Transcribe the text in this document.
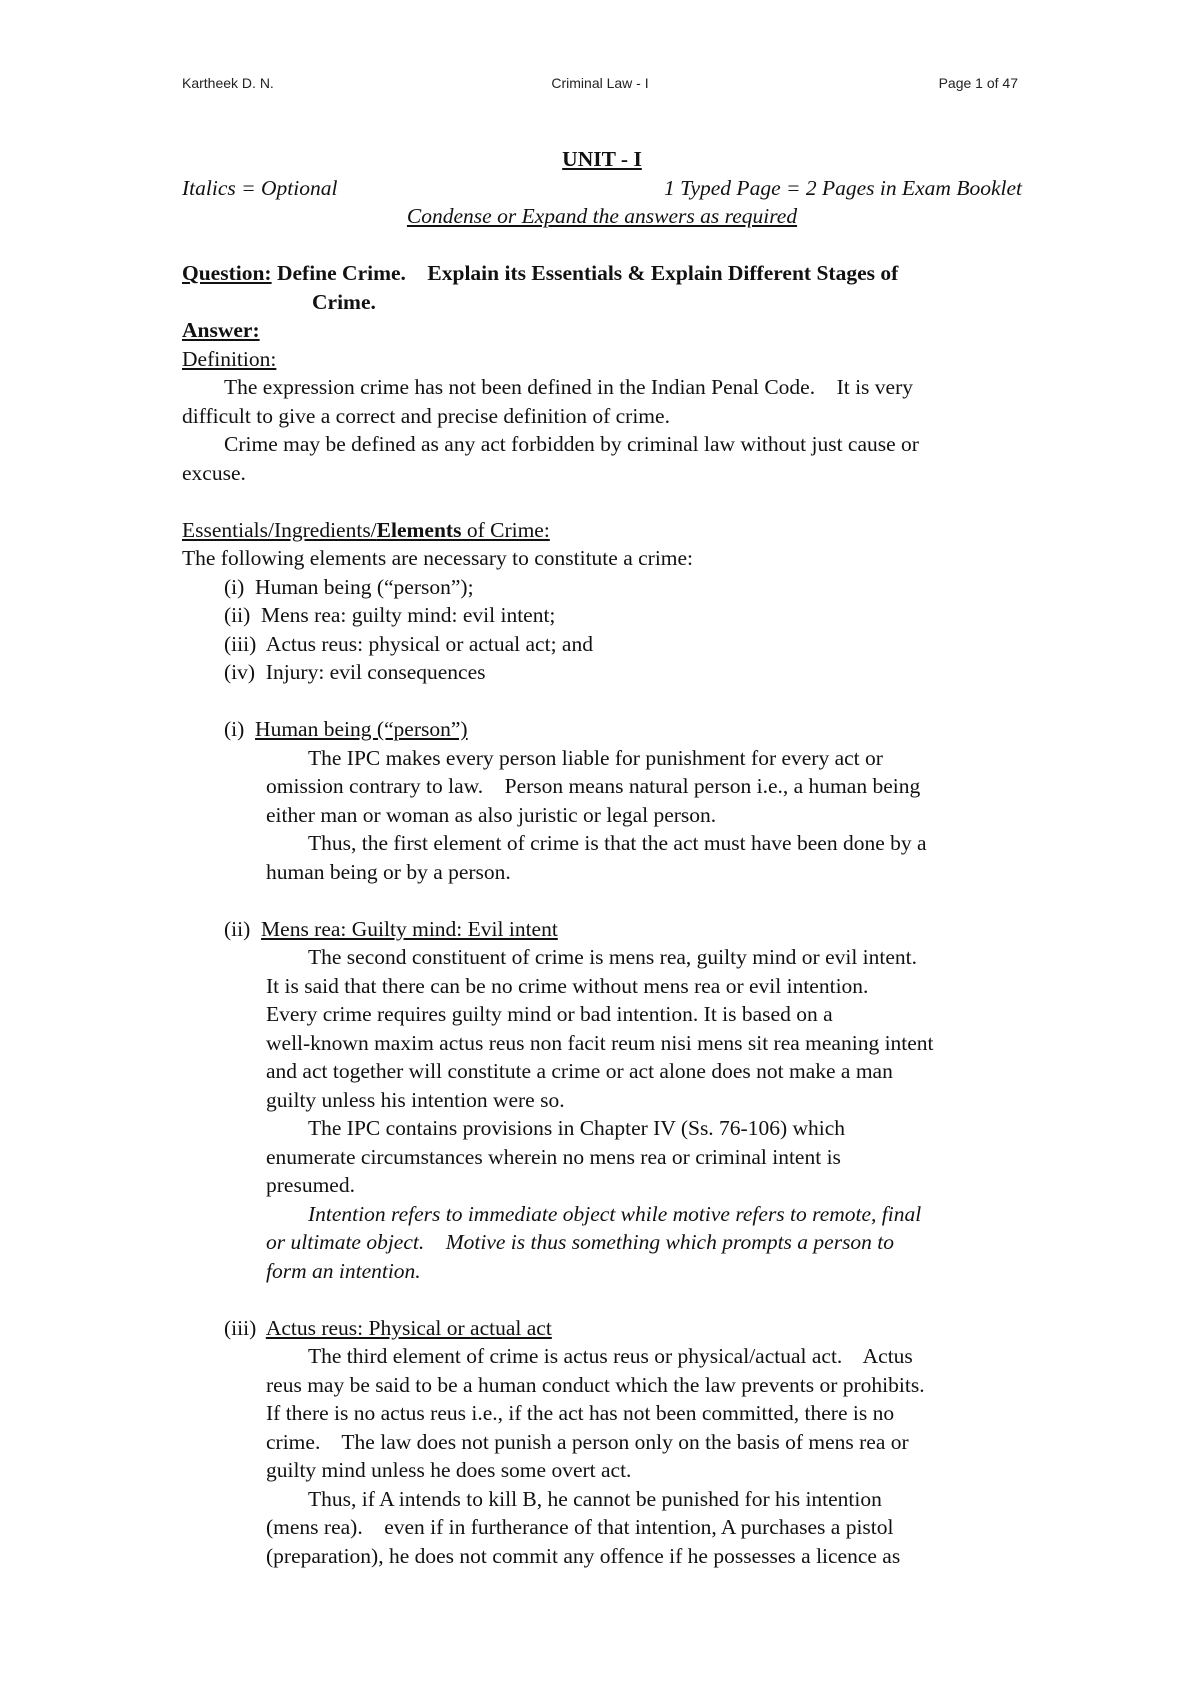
Kartheek D. N.	Criminal Law - I	Page 1 of 47
UNIT - I
Italics = Optional	1 Typed Page = 2 Pages in Exam Booklet
Condense or Expand the answers as required
Question: Define Crime.    Explain its Essentials & Explain Different Stages of
Crime.
Answer:
Definition:
The expression crime has not been defined in the Indian Penal Code.    It is very
difficult to give a correct and precise definition of crime.
Crime may be defined as any act forbidden by criminal law without just cause or
excuse.
Essentials/Ingredients/Elements of Crime:
The following elements are necessary to constitute a crime:
(i)  Human being (“person”);
(ii)  Mens rea: guilty mind: evil intent;
(iii)  Actus reus: physical or actual act; and
(iv)  Injury: evil consequences
(i)  Human being (“person”)
The IPC makes every person liable for punishment for every act or
omission contrary to law.    Person means natural person i.e., a human being
either man or woman as also juristic or legal person.
Thus, the first element of crime is that the act must have been done by a
human being or by a person.
(ii)  Mens rea: Guilty mind: Evil intent
The second constituent of crime is mens rea, guilty mind or evil intent.
It is said that there can be no crime without mens rea or evil intention.
Every crime requires guilty mind or bad intention. It is based on a
well-known maxim actus reus non facit reum nisi mens sit rea meaning intent
and act together will constitute a crime or act alone does not make a man
guilty unless his intention were so.
The IPC contains provisions in Chapter IV (Ss. 76-106) which
enumerate circumstances wherein no mens rea or criminal intent is
presumed.
Intention refers to immediate object while motive refers to remote, final
or ultimate object.    Motive is thus something which prompts a person to
form an intention.
(iii)  Actus reus: Physical or actual act
The third element of crime is actus reus or physical/actual act.    Actus
reus may be said to be a human conduct which the law prevents or prohibits.
If there is no actus reus i.e., if the act has not been committed, there is no
crime.    The law does not punish a person only on the basis of mens rea or
guilty mind unless he does some overt act.
Thus, if A intends to kill B, he cannot be punished for his intention
(mens rea).    even if in furtherance of that intention, A purchases a pistol
(preparation), he does not commit any offence if he possesses a licence as
